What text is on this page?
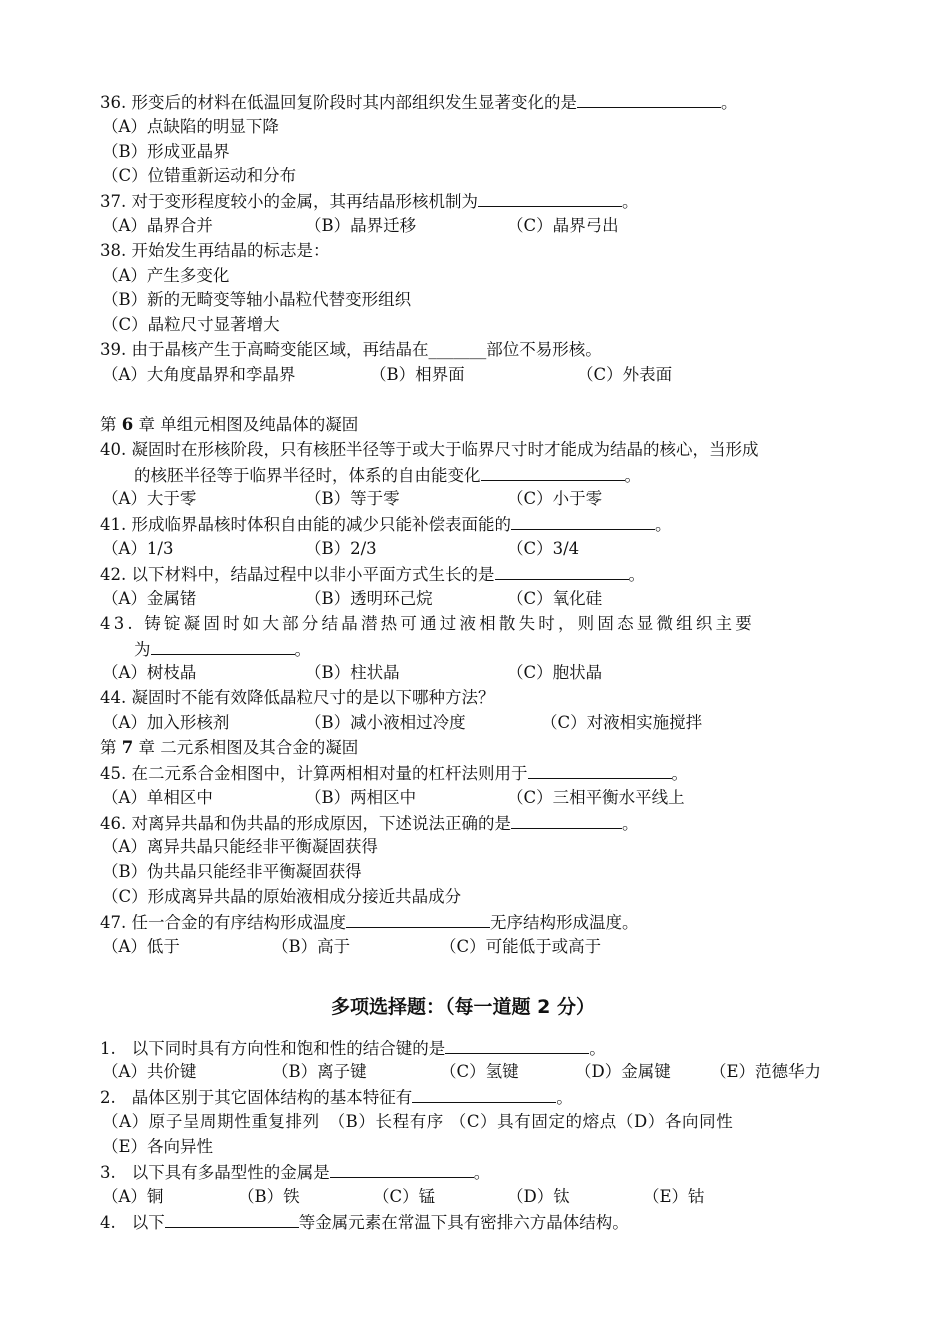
36. 形变后的材料在低温回复阶段时其内部组织发生显著变化的是	。
（A）点缺陷的明显下降
（B）形成亚晶界
（C）位错重新运动和分布
37. 对于变形程度较小的金属，其再结晶形核机制为	。
（A）晶界合并	（B）晶界迁移	（C）晶界弓出
38. 开始发生再结晶的标志是：
（A）产生多变化
（B）新的无畸变等轴小晶粒代替变形组织
（C）晶粒尺寸显著增大
39. 由于晶核产生于高畸变能区域，再结晶在_______部位不易形核。
（A）大角度晶界和孪晶界	（B）相界面	（C）外表面
第 6 章 单组元相图及纯晶体的凝固
40. 凝固时在形核阶段，只有核胚半径等于或大于临界尺寸时才能成为结晶的核心，当形成
的核胚半径等于临界半径时，体系的自由能变化	。
（A）大于零	（B）等于零	（C）小于零
41. 形成临界晶核时体积自由能的减少只能补偿表面能的	。
（A）1/3	（B）2/3	（C）3/4
42. 以下材料中，结晶过程中以非小平面方式生长的是	。
（A）金属锗	（B）透明环己烷	（C）氧化硅
43. 铸锭凝固时如大部分结晶潜热可通过液相散失时，则固态显微组织主要
为	。
（A）树枝晶	（B）柱状晶	（C）胞状晶
44. 凝固时不能有效降低晶粒尺寸的是以下哪种方法？
（A）加入形核剂	（B）减小液相过冷度	（C）对液相实施搅拌
第 7 章 二元系相图及其合金的凝固
45. 在二元系合金相图中，计算两相相对量的杠杆法则用于	。
（A）单相区中	（B）两相区中	（C）三相平衡水平线上
46. 对离异共晶和伪共晶的形成原因，下述说法正确的是	。
（A）离异共晶只能经非平衡凝固获得
（B）伪共晶只能经非平衡凝固获得
（C）形成离异共晶的原始液相成分接近共晶成分
47. 任一合金的有序结构形成温度	无序结构形成温度。
（A）低于	（B）高于	（C）可能低于或高于
多项选择题：（每一道题 2 分）
1. 以下同时具有方向性和饱和性的结合键的是	。
（A）共价键	（B）离子键	（C）氢键	（D）金属键 （E）范德华力
2. 晶体区别于其它固体结构的基本特征有	。
（A）原子呈周期性重复排列　（B）长程有序 （C）具有固定的熔点（D）各向同性
（E）各向异性
3. 以下具有多晶型性的金属是	。
（A）铜	（B）铁	（C）锰	（D）钛	（E）钴
4. 以下	等金属元素在常温下具有密排六方晶体结构。
